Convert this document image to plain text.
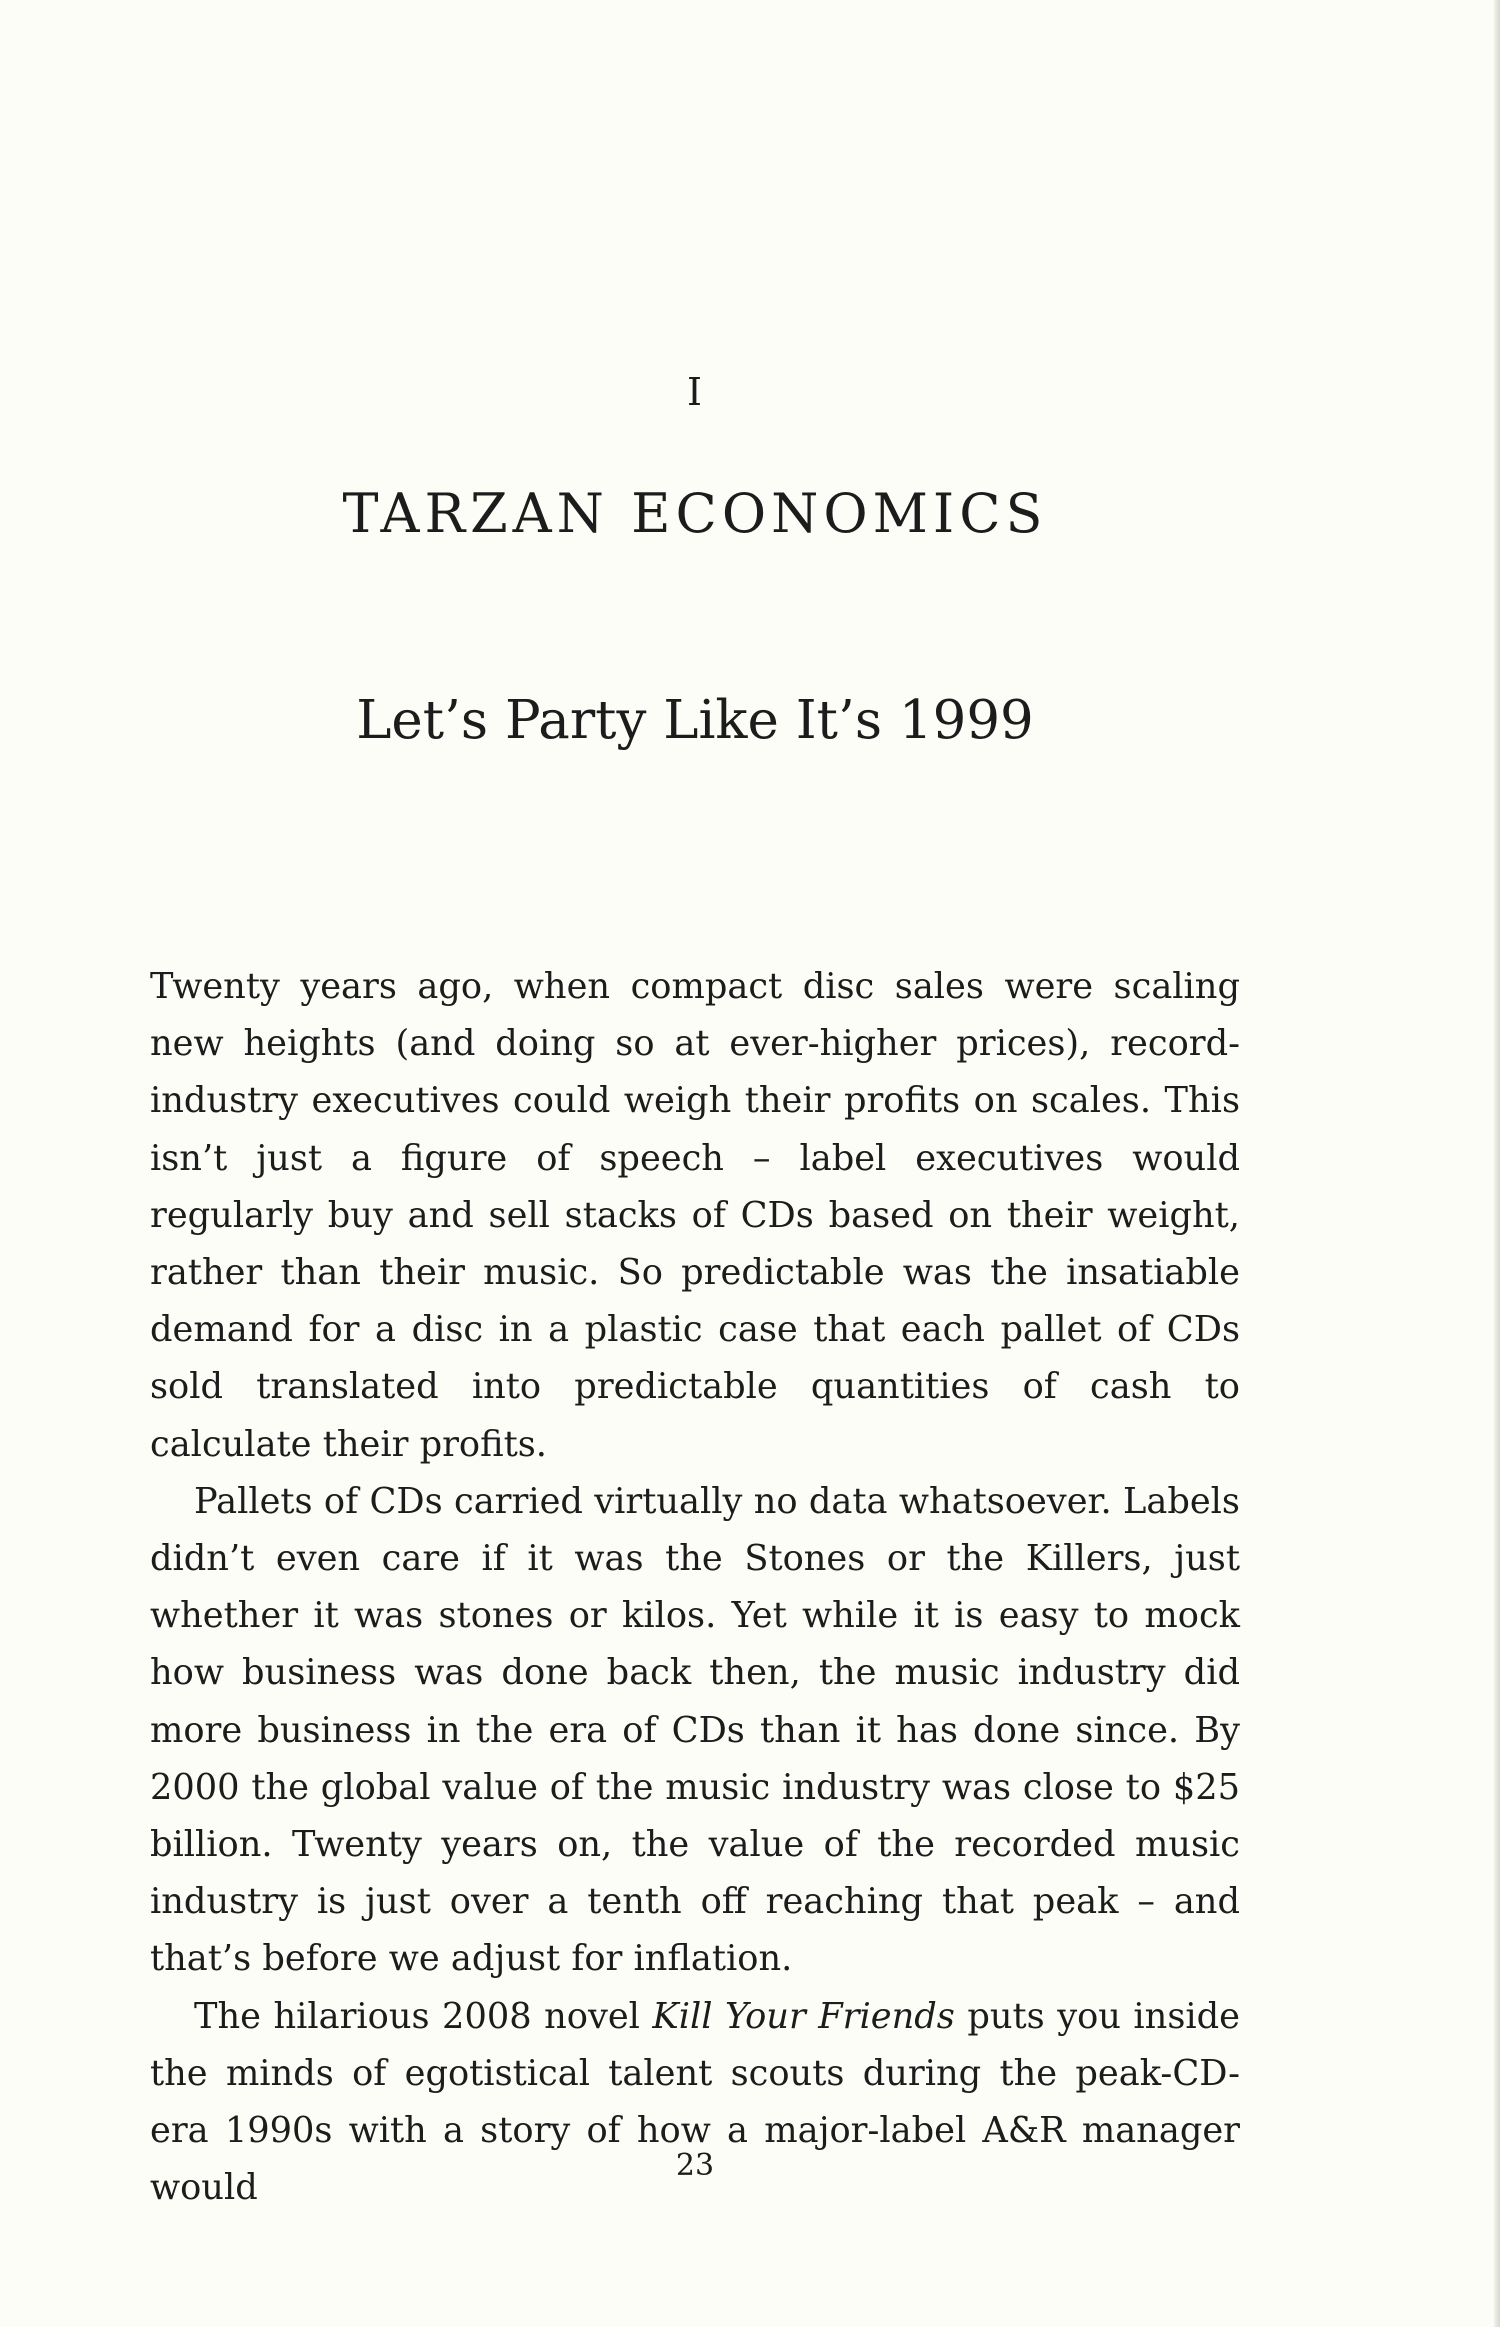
I
TARZAN ECONOMICS
Let’s Party Like It’s 1999

Twenty years ago, when compact disc sales were scaling new heights (and doing so at ever-higher prices), record-industry executives could weigh their profits on scales. This isn’t just a figure of speech – label executives would regularly buy and sell stacks of CDs based on their weight, rather than their music. So predictable was the insatiable demand for a disc in a plastic case that each pallet of CDs sold translated into predictable quantities of cash to calculate their profits.

Pallets of CDs carried virtually no data whatsoever. Labels didn’t even care if it was the Stones or the Killers, just whether it was stones or kilos. Yet while it is easy to mock how business was done back then, the music industry did more business in the era of CDs than it has done since. By 2000 the global value of the music industry was close to $25 billion. Twenty years on, the value of the recorded music industry is just over a tenth off reaching that peak – and that’s before we adjust for inflation.

The hilarious 2008 novel Kill Your Friends puts you inside the minds of egotistical talent scouts during the peak-CD-era 1990s with a story of how a major-label A&R manager would

23
